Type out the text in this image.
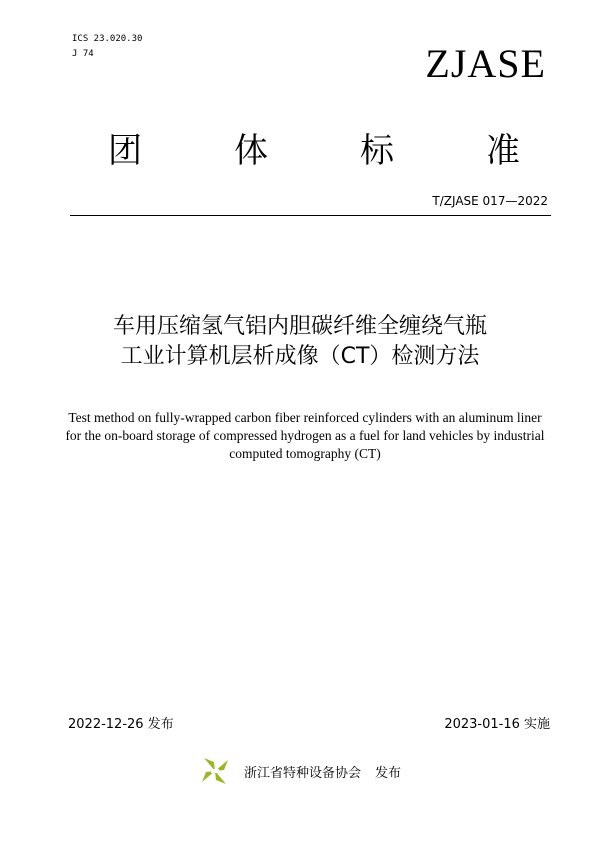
ICS 23.020.30
J 74	ZJASE
团	体	标	准
T/ZJASE 017—2022
车用压缩氢气铝内胆碳纤维全缠绕气瓶
工业计算机层析成像（CT）检测方法
Test method on fully-wrapped carbon fiber reinforced cylinders with an aluminum liner for the on-board storage of compressed hydrogen as a fuel for land vehicles by industrial computed tomography (CT)
2022-12-26 发布	2023-01-16 实施
浙江省特种设备协会 发布
